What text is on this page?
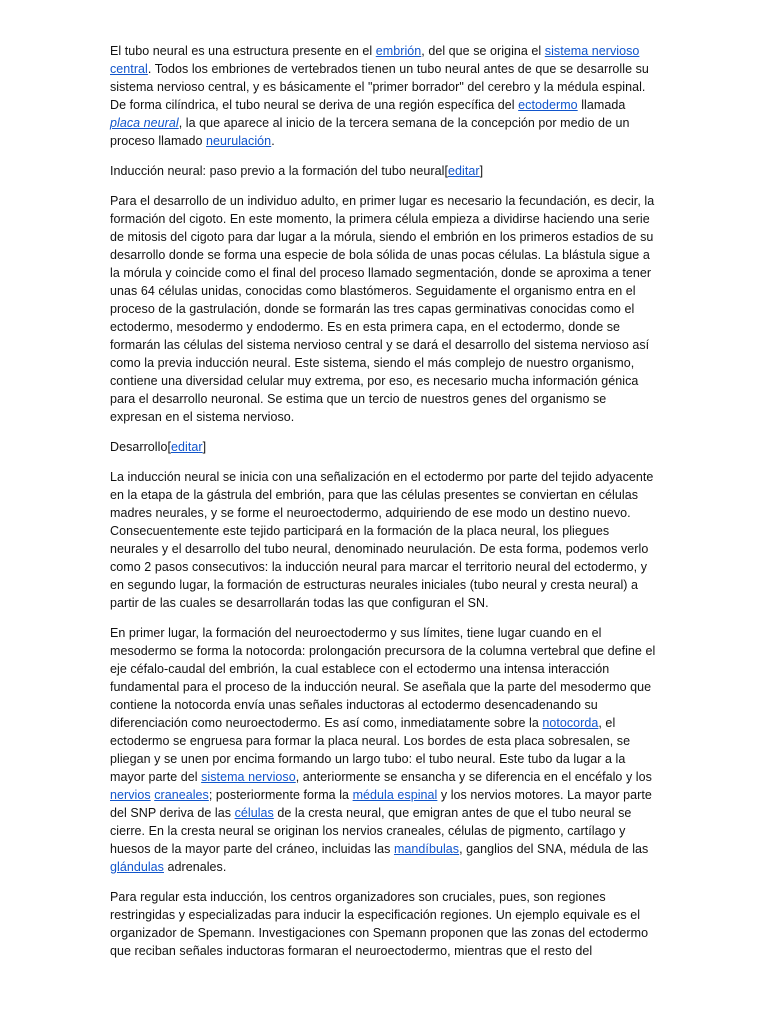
El tubo neural es una estructura presente en el embrión, del que se origina el sistema nervioso central. Todos los embriones de vertebrados tienen un tubo neural antes de que se desarrolle su sistema nervioso central, y es básicamente el "primer borrador" del cerebro y la médula espinal. De forma cilíndrica, el tubo neural se deriva de una región específica del ectodermo llamada placa neural, la que aparece al inicio de la tercera semana de la concepción por medio de un proceso llamado neurulación.

Inducción neural: paso previo a la formación del tubo neural[editar]

Para el desarrollo de un individuo adulto, en primer lugar es necesario la fecundación, es decir, la formación del cigoto. En este momento, la primera célula empieza a dividirse haciendo una serie de mitosis del cigoto para dar lugar a la mórula, siendo el embrión en los primeros estadios de su desarrollo donde se forma una especie de bola sólida de unas pocas células. La blástula sigue a la mórula y coincide como el final del proceso llamado segmentación, donde se aproxima a tener unas 64 células unidas, conocidas como blastómeros. Seguidamente el organismo entra en el proceso de la gastrulación, donde se formarán las tres capas germinativas conocidas como el ectodermo, mesodermo y endodermo. Es en esta primera capa, en el ectodermo, donde se formarán las células del sistema nervioso central y se dará el desarrollo del sistema nervioso así como la previa inducción neural. Este sistema, siendo el más complejo de nuestro organismo, contiene una diversidad celular muy extrema, por eso, es necesario mucha información génica para el desarrollo neuronal. Se estima que un tercio de nuestros genes del organismo se expresan en el sistema nervioso.

Desarrollo[editar]

La inducción neural se inicia con una señalización en el ectodermo por parte del tejido adyacente en la etapa de la gástrula del embrión, para que las células presentes se conviertan en células madres neurales, y se forme el neuroectodermo, adquiriendo de ese modo un destino nuevo. Consecuentemente este tejido participará en la formación de la placa neural, los pliegues neurales y el desarrollo del tubo neural, denominado neurulación. De esta forma, podemos verlo como 2 pasos consecutivos: la inducción neural para marcar el territorio neural del ectodermo, y en segundo lugar, la formación de estructuras neurales iniciales (tubo neural y cresta neural) a partir de las cuales se desarrollarán todas las que configuran el SN.

En primer lugar, la formación del neuroectodermo y sus límites, tiene lugar cuando en el mesodermo se forma la notocorda: prolongación precursora de la columna vertebral que define el eje céfalo-caudal del embrión, la cual establece con el ectodermo una intensa interacción fundamental para el proceso de la inducción neural. Se aseñala que la parte del mesodermo que contiene la notocorda envía unas señales inductoras al ectodermo desencadenando su diferenciación como neuroectodermo. Es así como, inmediatamente sobre la notocorda, el ectodermo se engruesa para formar la placa neural. Los bordes de esta placa sobresalen, se pliegan y se unen por encima formando un largo tubo: el tubo neural. Este tubo da lugar a la mayor parte del sistema nervioso, anteriormente se ensancha y se diferencia en el encéfalo y los nervios craneales; posteriormente forma la médula espinal y los nervios motores. La mayor parte del SNP deriva de las células de la cresta neural, que emigran antes de que el tubo neural se cierre. En la cresta neural se originan los nervios craneales, células de pigmento, cartílago y huesos de la mayor parte del cráneo, incluidas las mandíbulas, ganglios del SNA, médula de las glándulas adrenales.

Para regular esta inducción, los centros organizadores son cruciales, pues, son regiones restringidas y especializadas para inducir la especificación regiones. Un ejemplo equivale es el organizador de Spemann. Investigaciones con Spemann proponen que las zonas del ectodermo que reciban señales inductoras formaran el neuroectodermo, mientras que el resto del
